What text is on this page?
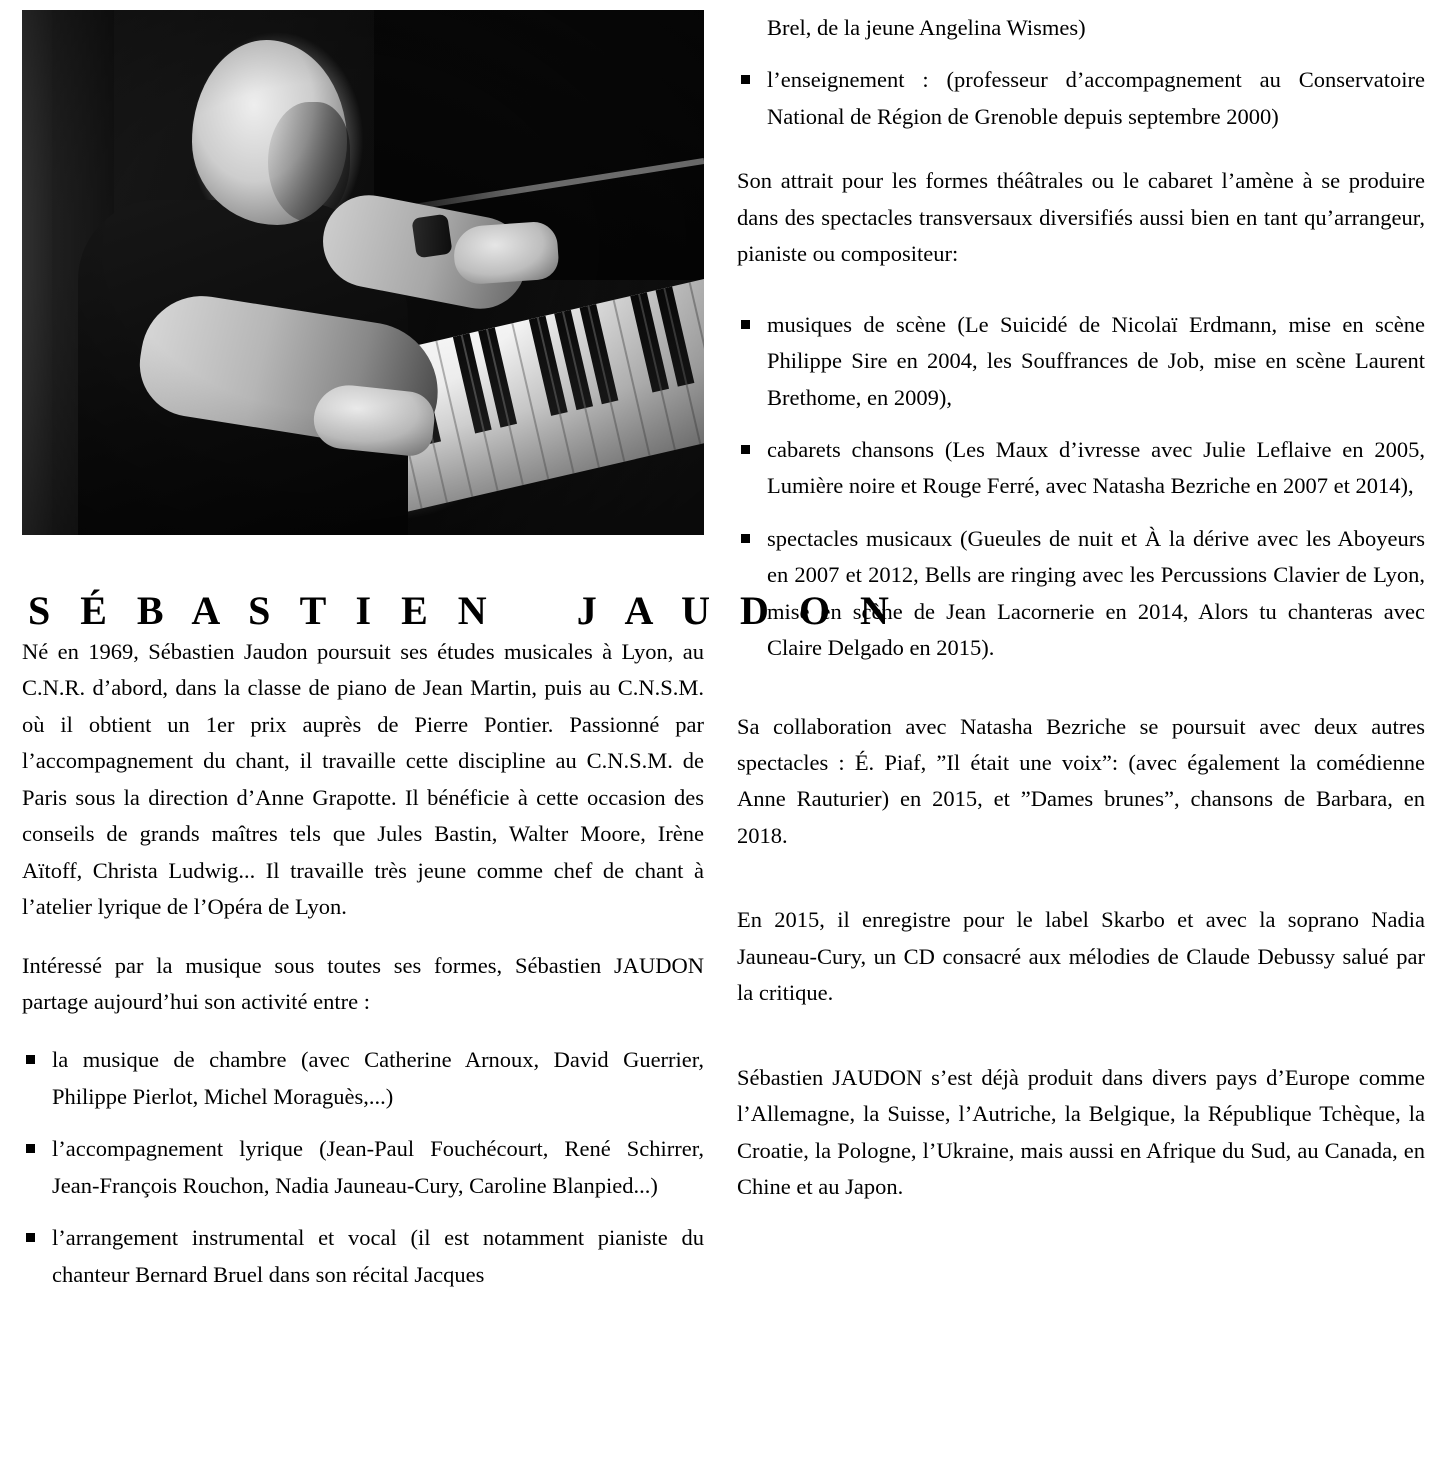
S É B A S T I E N    J A U D O N

Né en 1969, Sébastien Jaudon poursuit ses études musicales à Lyon, au C.N.R. d’abord, dans la classe de piano de Jean Martin, puis au C.N.S.M. où il obtient un 1er prix auprès de Pierre Pontier. Passionné par l’accompagnement du chant, il travaille cette discipline au C.N.S.M. de Paris sous la direction d’Anne Grapotte. Il bénéficie à cette occasion des conseils de grands maîtres tels que Jules Bastin, Walter Moore, Irène Aïtoff, Christa Ludwig... Il travaille très jeune comme chef de chant à l’atelier lyrique de l’Opéra de Lyon.

Intéressé par la musique sous toutes ses formes, Sébastien JAUDON partage aujourd’hui son activité entre :

la musique de chambre (avec Catherine Arnoux, David Guerrier, Philippe Pierlot, Michel Moraguès,...)
l’accompagnement lyrique (Jean-Paul Fouchécourt, René Schirrer, Jean-François Rouchon, Nadia Jauneau-Cury, Caroline Blanpied...)
l’arrangement instrumental et vocal (il est notamment pianiste du chanteur Bernard Bruel dans son récital Jacques
Brel, de la jeune Angelina Wismes)
l’enseignement : (professeur d’accompagnement au Conservatoire National de Région de Grenoble depuis septembre 2000)

Son attrait pour les formes théâtrales ou le cabaret l’amène à se produire dans des spectacles transversaux diversifiés aussi bien en tant qu’arrangeur, pianiste ou compositeur:

musiques de scène (Le Suicidé de Nicolaï Erdmann, mise en scène Philippe Sire en 2004, les Souffrances de Job, mise en scène Laurent Brethome, en 2009),
cabarets chansons (Les Maux d’ivresse avec Julie Leflaive en 2005, Lumière noire et Rouge Ferré, avec Natasha Bezriche en 2007 et 2014),
spectacles musicaux (Gueules de nuit et À la dérive avec les Aboyeurs en 2007 et 2012, Bells are ringing avec les Percussions Clavier de Lyon, mise en scène de Jean Lacornerie en 2014, Alors tu chanteras avec Claire Delgado en 2015).

Sa collaboration avec Natasha Bezriche se poursuit avec deux autres spectacles : É. Piaf, ”Il était une voix”: (avec également la comédienne Anne Rauturier) en 2015, et ”Dames brunes”, chansons de Barbara, en 2018.

En 2015, il enregistre pour le label Skarbo et avec la soprano Nadia Jauneau-Cury, un CD consacré aux mélodies de Claude Debussy salué par la critique.

Sébastien JAUDON s’est déjà produit dans divers pays d’Europe comme l’Allemagne, la Suisse, l’Autriche, la Belgique, la République Tchèque, la Croatie, la Pologne, l’Ukraine, mais aussi en Afrique du Sud, au Canada, en Chine et au Japon.
